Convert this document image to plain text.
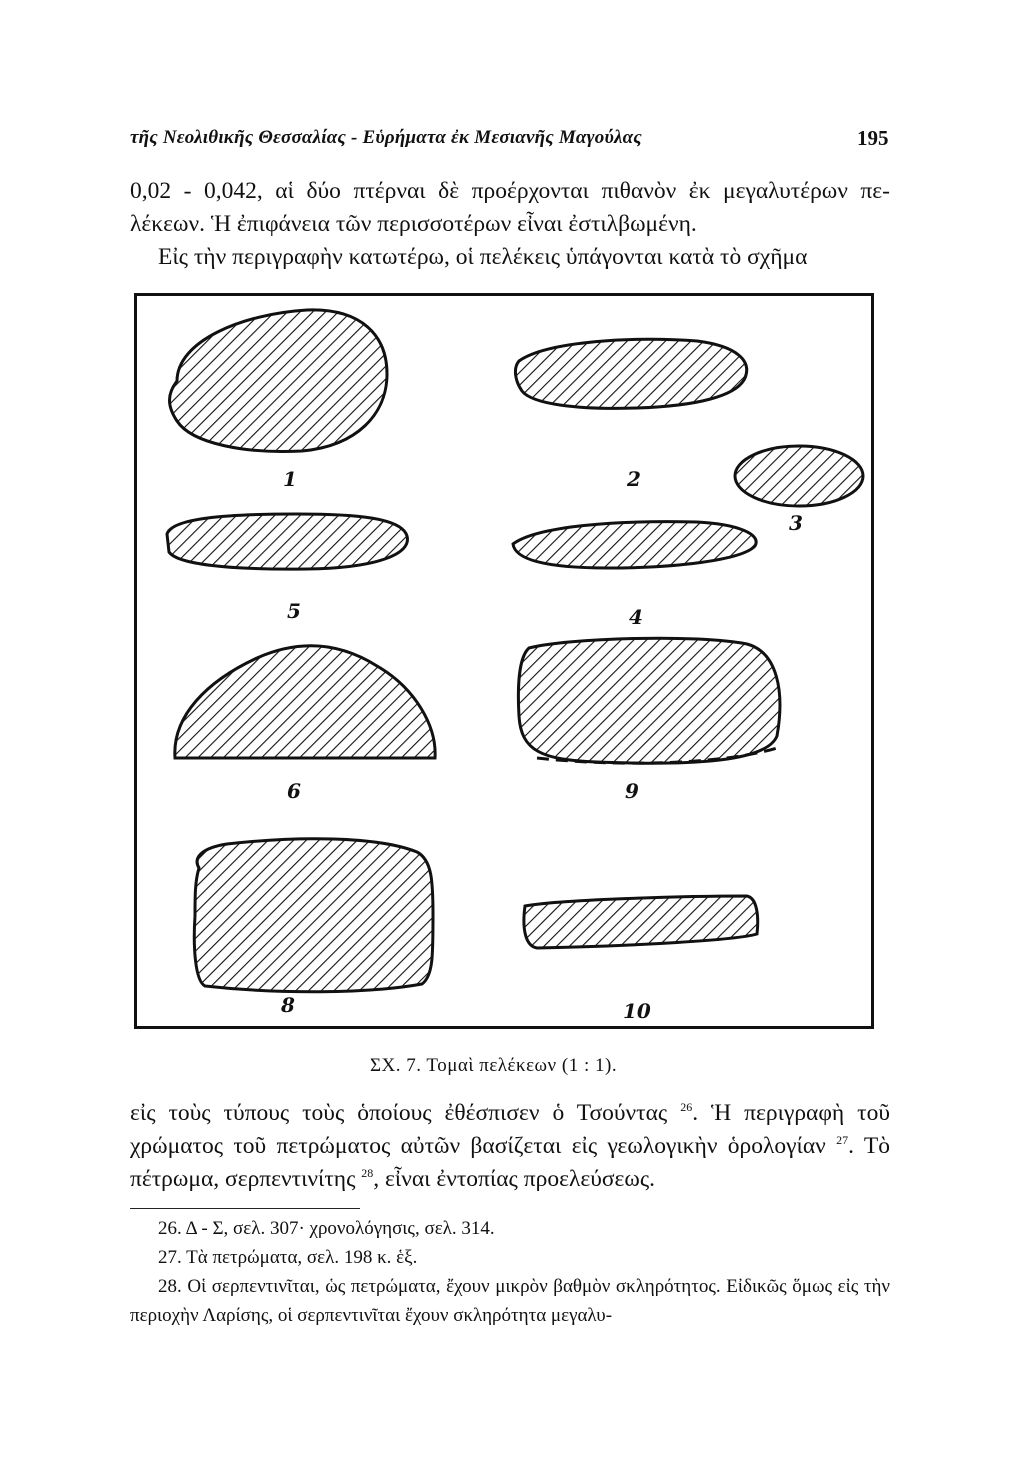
τῆς Νεολιθικῆς Θεσσαλίας - Εὑρήματα ἐκ Μεσιανῆς Μαγούλας	195
0,02 - 0,042, αἱ δύο πτέρναι δὲ προέρχονται πιθανὸν ἐκ μεγαλυτέρων πε- λέκεων. Ἡ ἐπιφάνεια τῶν περισσοτέρων εἶναι ἐστιλβωμένη.
Εἰς τὴν περιγραφὴν κατωτέρω, οἱ πελέκεις ὑπάγονται κατὰ τὸ σχῆμα
1	2
3
4
5
6	9
8	10
ΣΧ. 7. Τομαὶ πελέκεων (1 : 1).
εἰς τοὺς τύπους τοὺς ὁποίους ἐθέσπισεν ὁ Τσούντας $^{26}$. Ἡ περιγραφὴ τοῦ χρώματος τοῦ πετρώματος αὐτῶν βασίζεται εἰς γεωλογικὴν ὁρολογίαν $^{27}$. Τὸ πέτρωμα, σερπεντινίτης $^{28}$, εἶναι ἐντοπίας προελεύσεως.
26. Δ - Σ, σελ. 307· χρονολόγησις, σελ. 314.
27. Τὰ πετρώματα, σελ. 198 κ. ἑξ.
28. Οἱ σερπεντινῖται, ὡς πετρώματα, ἔχουν μικρὸν βαθμὸν σκληρότητος. Εἰδικῶς ὅμως εἰς τὴν περιοχὴν Λαρίσης, οἱ σερπεντινῖται ἔχουν σκληρότητα μεγαλυ-
